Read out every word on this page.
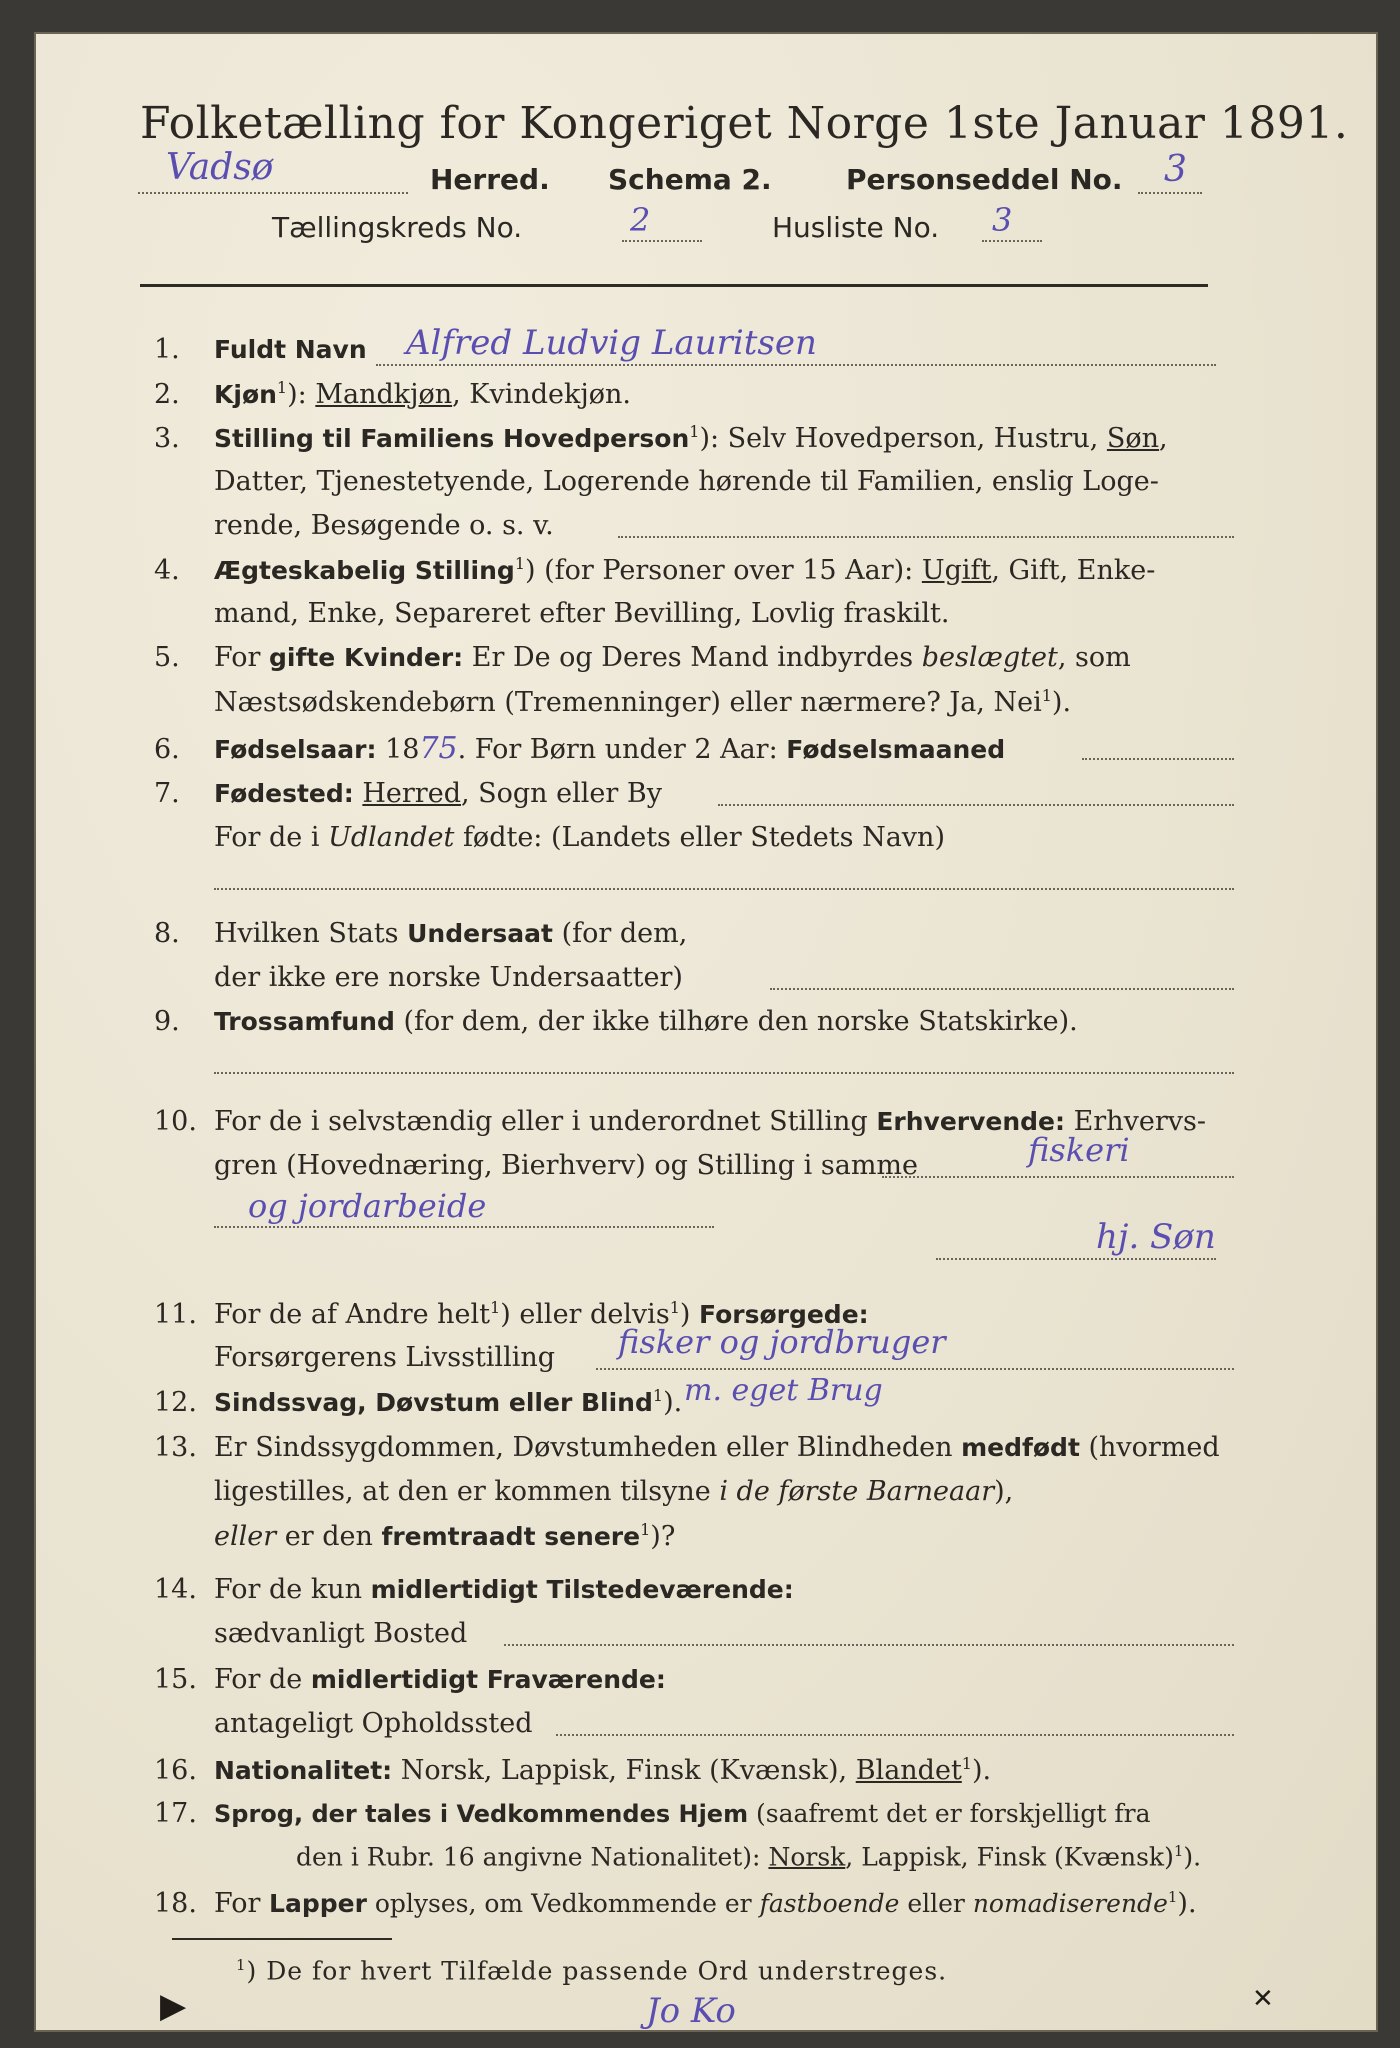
Folketælling for Kongeriget Norge 1ste Januar 1891.
Vadsø	Herred. Schema 2.	Personseddel No. 3
Tællingskreds No.	2	Husliste No. 3
1. Fuldt Navn Alfred Ludvig Lauritsen
2. Kjøn$^1$): Mandkjøn, Kvindekjøn.
3. Stilling til Familiens Hovedperson$^1$): Selv Hovedperson, Hustru, Søn,
Datter, Tjenestetyende, Logerende hørende til Familien, enslig Loge-
rende, Besøgende o. s. v.
4. Ægteskabelig Stilling$^1$) (for Personer over 15 Aar): Ugift, Gift, Enke-
mand, Enke, Separeret efter Bevilling, Lovlig fraskilt.
5. For gifte Kvinder: Er De og Deres Mand indbyrdes beslægtet, som
Næstsødskendebørn (Tremenninger) eller nærmere? Ja, Nei$^1$).
6. Fødselsaar: 1875. For Børn under 2 Aar: Fødselsmaaned
7. Fødested: Herred, Sogn eller By
For de i Udlandet fødte: (Landets eller Stedets Navn)
8. Hvilken Stats Undersaat (for dem,
der ikke ere norske Undersaatter)
9. Trossamfund (for dem, der ikke tilhøre den norske Statskirke).
10. For de i selvstændig eller i underordnet Stilling Erhvervende: Erhvervs-
gren (Hovednæring, Bierhverv) og Stilling i samme	fiskeri
og jordarbeide
hj. Søn
11. For de af Andre helt$^1$) eller delvis$^1$) Forsørgede:
Forsørgerens Livsstilling fisker og jordbruger
12. Sindssvag, Døvstum eller Blind$^1$). m. eget Brug
13. Er Sindssygdommen, Døvstumheden eller Blindheden medfødt (hvormed
ligestilles, at den er kommen tilsyne i de første Barneaar),
eller er den fremtraadt senere$^1$)?
14. For de kun midlertidigt Tilstedeværende:
sædvanligt Bosted
15. For de midlertidigt Fraværende:
antageligt Opholdssted
16. Nationalitet: Norsk, Lappisk, Finsk (Kvænsk), Blandet$^1$).
17. Sprog, der tales i Vedkommendes Hjem (saafremt det er forskjelligt fra
den i Rubr. 16 angivne Nationalitet): Norsk, Lappisk, Finsk (Kvænsk)$^1$).
18. For Lapper oplyses, om Vedkommende er fastboende eller nomadiserende$^1$).
$^1$) De for hvert Tilfælde passende Ord understreges.
Jo Ko
▶	✕
